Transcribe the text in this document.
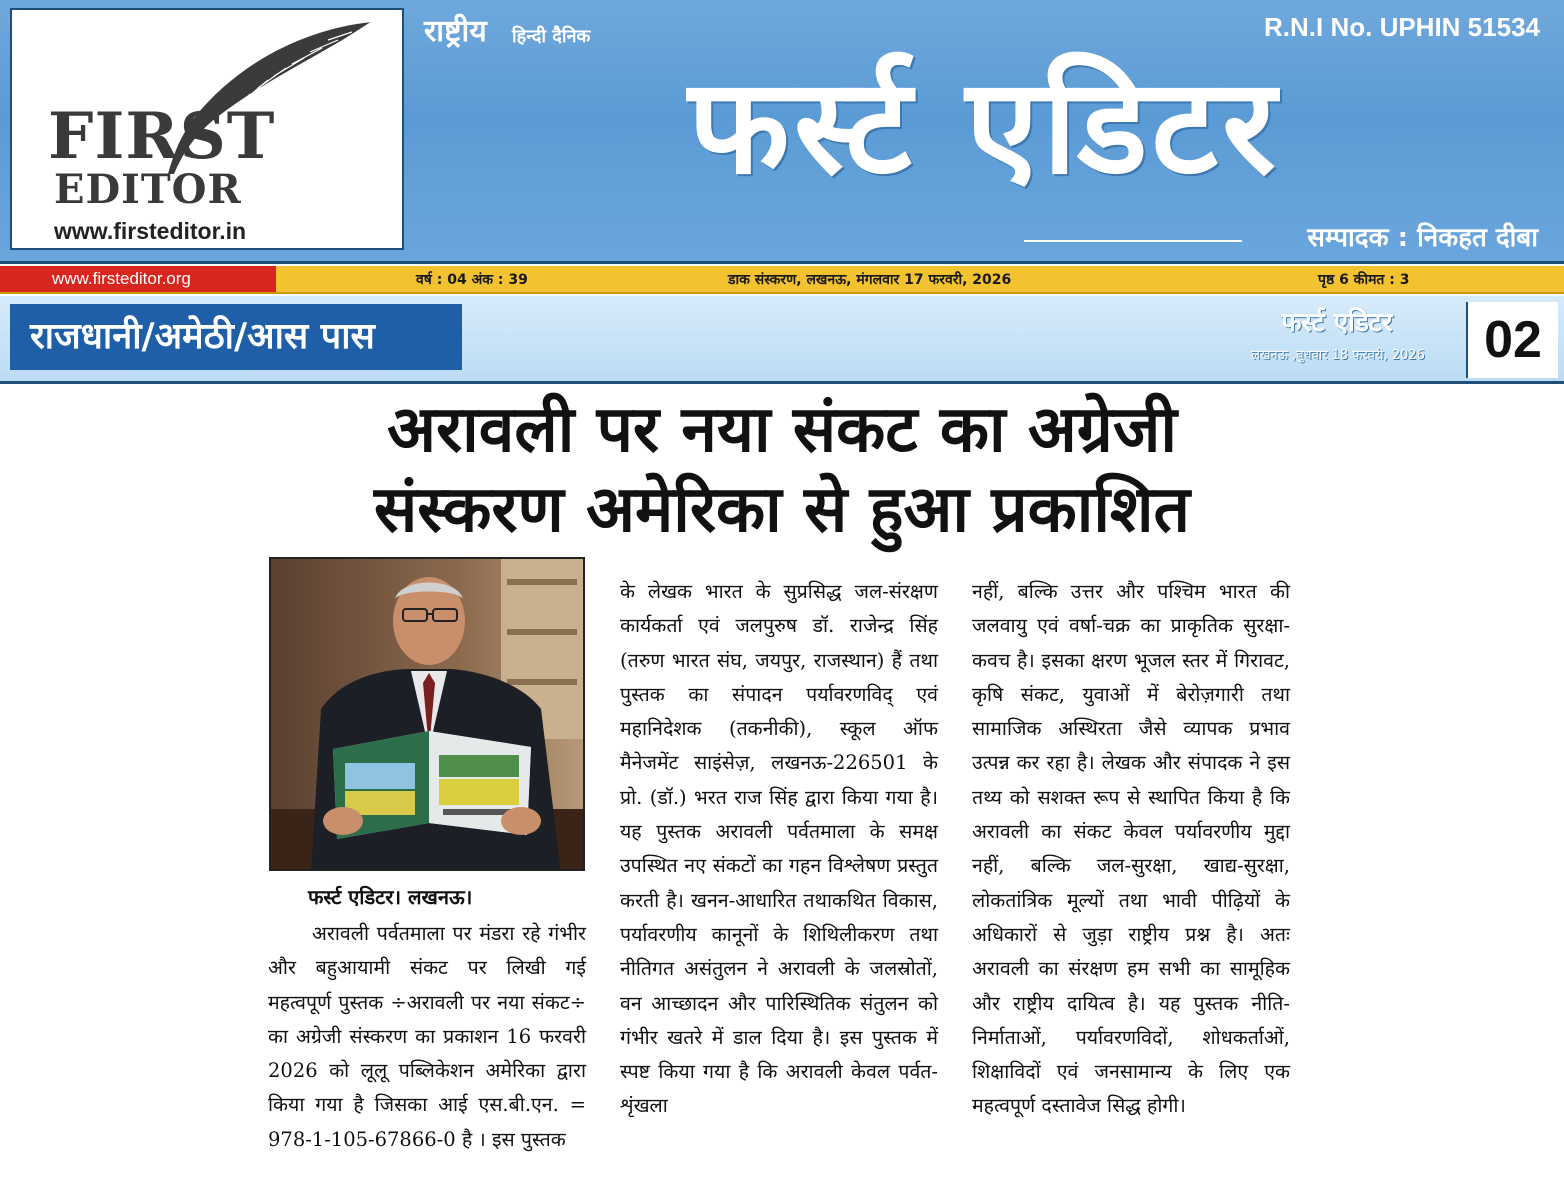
FIRST
EDITOR
www.firsteditor.in
राष्ट्रीय हिन्दी दैनिक	R.N.I No. UPHIN 51534
फर्स्ट एडिटर
सम्पादक : निकहत दीबा
www.firsteditor.org	वर्ष : 04 अंक : 39	डाक संस्करण, लखनऊ, मंगलवार 17 फरवरी, 2026	पृष्ठ 6 कीमत : 3
राजधानी/अमेठी/आस पास	फर्स्ट एडिटर
लखनऊ ,बुधवार 18 फरवरी, 2026	02
अरावली पर नया संकट का अग्रेजी
संस्करण अमेरिका से हुआ प्रकाशित
फर्स्ट एडिटर। लखनऊ।

अरावली पर्वतमाला पर मंडरा रहे गंभीर और बहुआयामी संकट पर लिखी गई महत्वपूर्ण पुस्तक ÷अरावली पर नया संकट÷ का अग्रेजी संस्करण का प्रकाशन 16 फरवरी 2026 को लूलू पब्लिकेशन अमेरिका द्वारा किया गया है जिसका आई एस.बी.एन. = 978-1-105-67866-0 है । इस पुस्तक

के लेखक भारत के सुप्रसिद्ध जल-संरक्षण कार्यकर्ता एवं जलपुरुष डॉ. राजेन्द्र सिंह (तरुण भारत संघ, जयपुर, राजस्थान) हैं तथा पुस्तक का संपादन पर्यावरणविद् एवं महानिदेशक (तकनीकी), स्कूल ऑफ मैनेजमेंट साइंसेज़, लखनऊ-226501 के प्रो. (डॉ.) भरत राज सिंह द्वारा किया गया है। यह पुस्तक अरावली पर्वतमाला के समक्ष उपस्थित नए संकटों का गहन विश्लेषण प्रस्तुत करती है। खनन-आधारित तथाकथित विकास, पर्यावरणीय कानूनों के शिथिलीकरण तथा नीतिगत असंतुलन ने अरावली के जलस्रोतों, वन आच्छादन और पारिस्थितिक संतुलन को गंभीर खतरे में डाल दिया है। इस पुस्तक में स्पष्ट किया गया है कि अरावली केवल पर्वत-शृंखला

नहीं, बल्कि उत्तर और पश्चिम भारत की जलवायु एवं वर्षा-चक्र का प्राकृतिक सुरक्षा-कवच है। इसका क्षरण भूजल स्तर में गिरावट, कृषि संकट, युवाओं में बेरोज़गारी तथा सामाजिक अस्थिरता जैसे व्यापक प्रभाव उत्पन्न कर रहा है। लेखक और संपादक ने इस तथ्य को सशक्त रूप से स्थापित किया है कि अरावली का संकट केवल पर्यावरणीय मुद्दा नहीं, बल्कि जल-सुरक्षा, खाद्य-सुरक्षा, लोकतांत्रिक मूल्यों तथा भावी पीढ़ियों के अधिकारों से जुड़ा राष्ट्रीय प्रश्न है। अतः अरावली का संरक्षण हम सभी का सामूहिक और राष्ट्रीय दायित्व है। यह पुस्तक नीति-निर्माताओं, पर्यावरणविदों, शोधकर्ताओं, शिक्षाविदों एवं जनसामान्य के लिए एक महत्वपूर्ण दस्तावेज सिद्ध होगी।
